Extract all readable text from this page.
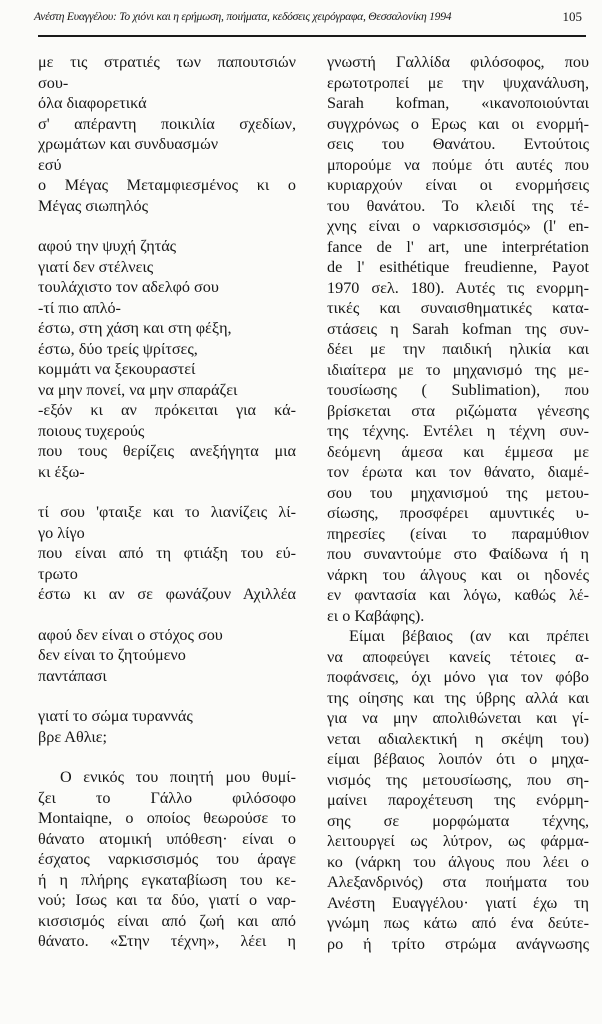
Ανέστη Ευαγγέλου: Το χιόνι και η ερήμωση, ποιήματα, κεδόσεις χειρόγραφα, Θεσσαλονίκη 1994	105

με τις στρατιές των παπουτσιών

σου-

όλα διαφορετικά

σ' απέραντη ποικιλία σχεδίων,

χρωμάτων και συνδυασμών

εσύ

ο Μέγας Μεταμφιεσμένος κι ο

Μέγας σιωπηλός

αφού την ψυχή ζητάς

γιατί δεν στέλνεις

τουλάχιστο τον αδελφό σου

-τί πιο απλό-

έστω, στη χάση και στη φέξη,

έστω, δύο τρείς ψρίτσες,

κομμάτι να ξεκουραστεί

να μην πονεί, να μην σπαράζει

-εξόν κι αν πρόκειται για κά-

ποιους τυχερούς

που τους θερίζεις ανεξήγητα μια

κι έξω-

τί σου 'φταιξε και το λιανίζεις λί-

γο λίγο

που είναι από τη φτιάξη του εύ-

τρωτο

έστω κι αν σε φωνάζουν Αχιλλέα

αφού δεν είναι ο στόχος σου

δεν είναι το ζητούμενο

παντάπασι

γιατί το σώμα τυραννάς

βρε Αθλιε;

Ο ενικός του ποιητή μου θυμί-

ζει το Γάλλο φιλόσοφο

Montaiqne, ο οποίος θεωρούσε το

θάνατο ατομική υπόθεση· είναι ο

έσχατος ναρκισσισμός του άραγε

ή η πλήρης εγκαταβίωση του κε-

νού; Ισως και τα δύο, γιατί ο ναρ-

κισσισμός είναι από ζωή και από

θάνατο. «Στην τέχνη», λέει η

γνωστή Γαλλίδα φιλόσοφος, που

ερωτοτροπεί με την ψυχανάλυση,

Sarah kofman, «ικανοποιούνται

συγχρόνως ο Ερως και οι ενορμή-

σεις του Θανάτου. Εντούτοις

μπορούμε να πούμε ότι αυτές που

κυριαρχούν είναι οι ενορμήσεις

του θανάτου. Το κλειδί της τέ-

χνης είναι ο ναρκισσισμός» (l' en-

fance de l' art, une interprétation

de l' esithétique freudienne, Payot

1970 σελ. 180). Αυτές τις ενορμη-

τικές και συναισθηματικές κατα-

στάσεις η Sarah kofman της συν-

δέει με την παιδική ηλικία και

ιδιαίτερα με το μηχανισμό της με-

τουσίωσης ( Sublimation), που

βρίσκεται στα ριζώματα γένεσης

της τέχνης. Εντέλει η τέχνη συν-

δεόμενη άμεσα και έμμεσα με

τον έρωτα και τον θάνατο, διαμέ-

σου του μηχανισμού της μετου-

σίωσης, προσφέρει αμυντικές υ-

πηρεσίες (είναι το παραμύθιον

που συναντούμε στο Φαίδωνα ή η

νάρκη του άλγους και οι ηδονές

εν φαντασία και λόγω, καθώς λέ-

ει ο Καβάφης).

Είμαι βέβαιος (αν και πρέπει

να αποφεύγει κανείς τέτοιες α-

ποφάνσεις, όχι μόνο για τον φόβο

της οίησης και της ύβρης αλλά και

για να μην απολιθώνεται και γί-

νεται αδιαλεκτική η σκέψη του)

είμαι βέβαιος λοιπόν ότι ο μηχα-

νισμός της μετουσίωσης, που ση-

μαίνει παροχέτευση της ενόρμη-

σης σε μορφώματα τέχνης,

λειτουργεί ως λύτρον, ως φάρμα-

κο (νάρκη του άλγους που λέει ο

Αλεξανδρινός) στα ποιήματα του

Ανέστη Ευαγγέλου· γιατί έχω τη

γνώμη πως κάτω από ένα δεύτε-

ρο ή τρίτο στρώμα ανάγνωσης
